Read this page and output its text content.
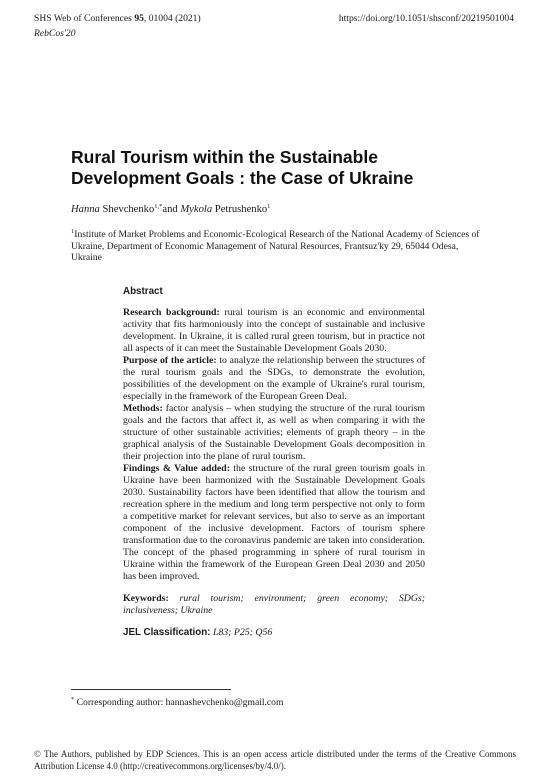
SHS Web of Conferences 95, 01004 (2021)	https://doi.org/10.1051/shsconf/20219501004
RebCos'20
Rural Tourism within the Sustainable Development Goals : the Case of Ukraine
Hanna Shevchenko$^{1,*}$and Mykola Petrushenko$^1$
$^1$Institute of Market Problems and Economic-Ecological Research of the National Academy of Sciences of Ukraine, Department of Economic Management of Natural Resources, Frantsuz'ky 29, 65044 Odesa, Ukraine

Abstract

Research background: rural tourism is an economic and environmental activity that fits harmoniously into the concept of sustainable and inclusive development. In Ukraine, it is called rural green tourism, but in practice not all aspects of it can meet the Sustainable Development Goals 2030.

Purpose of the article: to analyze the relationship between the structures of the rural tourism goals and the SDGs, to demonstrate the evolution, possibilities of the development on the example of Ukraine's rural tourism, especially in the framework of the European Green Deal.

Methods: factor analysis – when studying the structure of the rural tourism goals and the factors that affect it, as well as when comparing it with the structure of other sustainable activities; elements of graph theory – in the graphical analysis of the Sustainable Development Goals decomposition in their projection into the plane of rural tourism.

Findings & Value added: the structure of the rural green tourism goals in Ukraine have been harmonized with the Sustainable Development Goals 2030. Sustainability factors have been identified that allow the tourism and recreation sphere in the medium and long term perspective not only to form a competitive market for relevant services, but also to serve as an important component of the inclusive development. Factors of tourism sphere transformation due to the coronavirus pandemic are taken into consideration. The concept of the phased programming in sphere of rural tourism in Ukraine within the framework of the European Green Deal 2030 and 2050 has been improved.

Keywords: rural tourism; environment; green economy; SDGs; inclusiveness; Ukraine

JEL Classification: L83; P25; Q56

* Corresponding author: hannashevchenko@gmail.com
© The Authors, published by EDP Sciences. This is an open access article distributed under the terms of the Creative Commons Attribution License 4.0 (http://creativecommons.org/licenses/by/4.0/).
